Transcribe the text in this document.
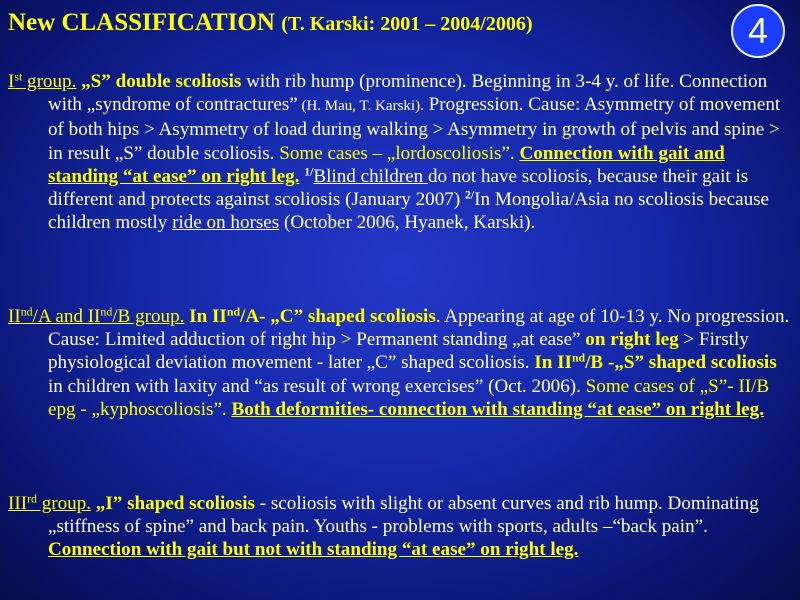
New CLASSIFICATION (T. Karski: 2001 – 2004/2006)	4
Ist group. „S” double scoliosis with rib hump (prominence). Beginning in 3-4 y. of life. Connection with „syndrome of contractures” (H. Mau, T. Karski). Progression. Cause: Asymmetry of movement of both hips > Asymmetry of load during walking > Asymmetry in growth of pelvis and spine > in result „S” double scoliosis. Some cases – „lordoscoliosis”. Connection with gait and standing “at ease” on right leg. $^{1/}$Blind children do not have scoliosis, because their gait is different and protects against scoliosis (January 2007) $^{2/}$In Mongolia/Asia no scoliosis because children mostly ride on horses (October 2006, Hyanek, Karski).
IInd/A and IInd/B group. In IInd/A- „C” shaped scoliosis. Appearing at age of 10-13 y. No progression. Cause: Limited adduction of right hip > Permanent standing „at ease” on right leg > Firstly physiological deviation movement - later „C” shaped scoliosis. In IInd/B -„S” shaped scoliosis in children with laxity and “as result of wrong exercises” (Oct. 2006). Some cases of „S”- II/B epg - „kyphoscoliosis”. Both deformities- connection with standing “at ease” on right leg.
IIIrd group. „I” shaped scoliosis - scoliosis with slight or absent curves and rib hump. Dominating „stiffness of spine” and back pain. Youths - problems with sports, adults –“back pain”. Connection with gait but not with standing “at ease” on right leg.
